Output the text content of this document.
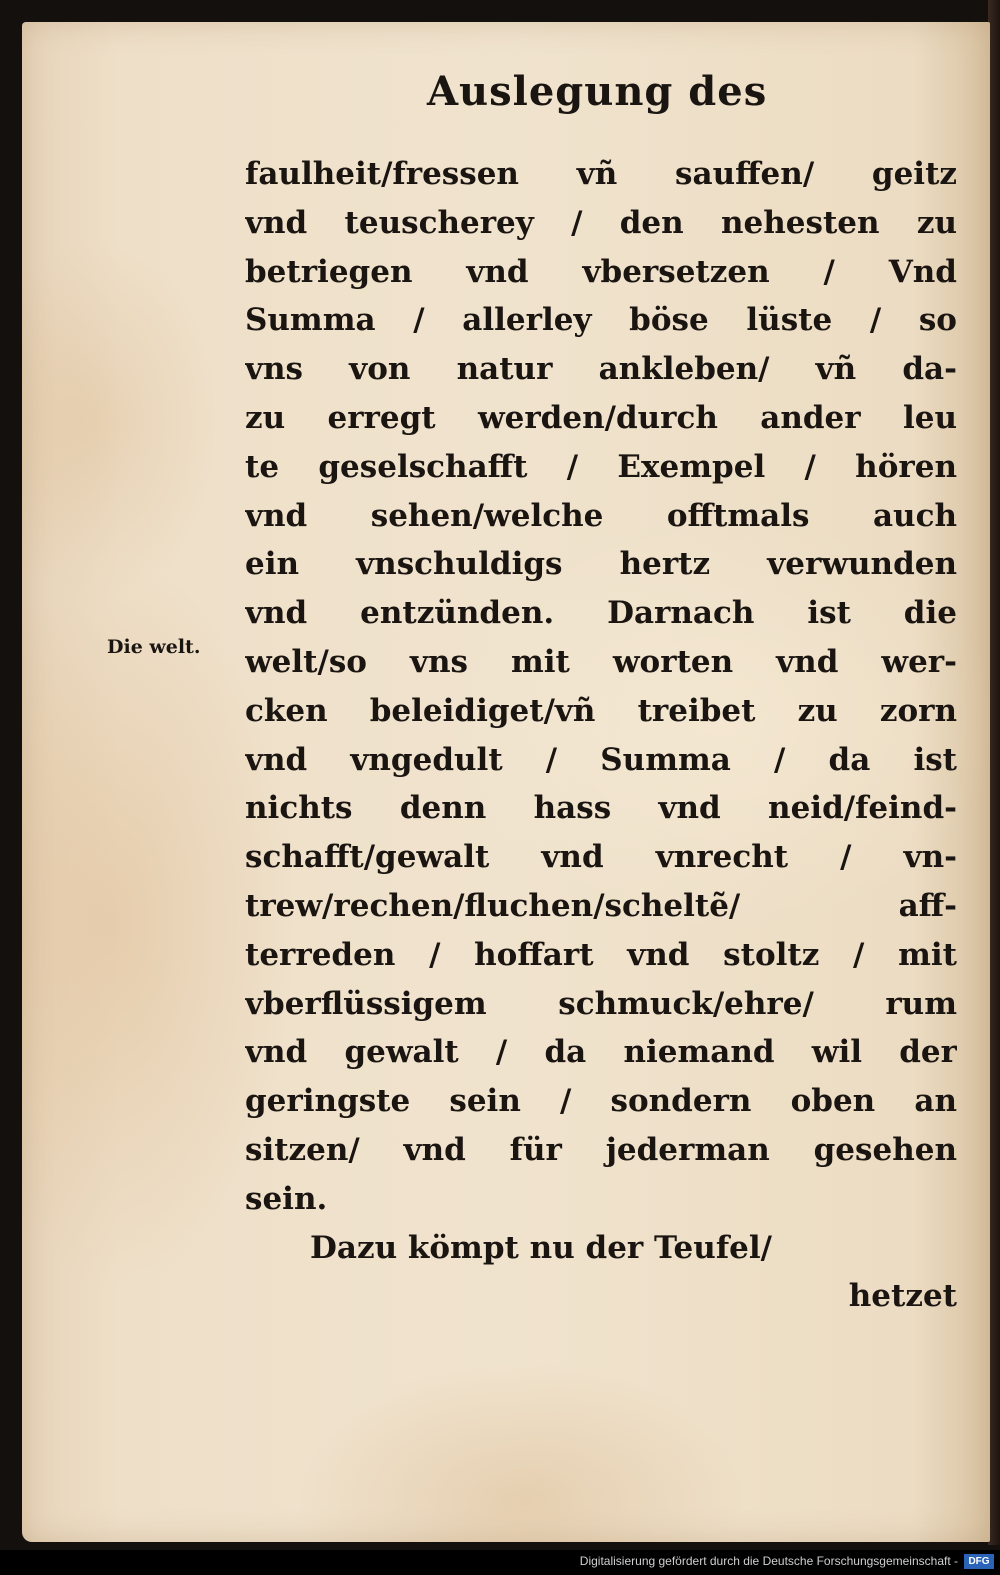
Auslegung des
Die welt.
faulheit/fressen vñ sauffen/ geitz
vnd teuscherey / den nehesten zu
betriegen vnd vbersetzen / Vnd
Summa / allerley böse lüste / so
vns von natur ankleben/ vñ da-
zu erregt werden/durch ander leu
te geselschafft / Exempel / hören
vnd sehen/welche offtmals auch
ein vnschuldigs hertz verwunden
vnd entzünden. Darnach ist die
welt/so vns mit worten vnd wer-
cken beleidiget/vñ treibet zu zorn
vnd vngedult / Summa / da ist
nichts denn hass vnd neid/feind-
schafft/gewalt vnd vnrecht / vn-
trew/rechen/fluchen/scheltẽ/ aff-
terreden / hoffart vnd stoltz / mit
vberflüssigem schmuck/ehre/ rum
vnd gewalt / da niemand wil der
geringste sein / sondern oben an
sitzen/ vnd für jederman gesehen
sein.
Dazu kömpt nu der Teufel/
hetzet
Digitalisierung gefördert durch die Deutsche Forschungsgemeinschaft -	DFG
